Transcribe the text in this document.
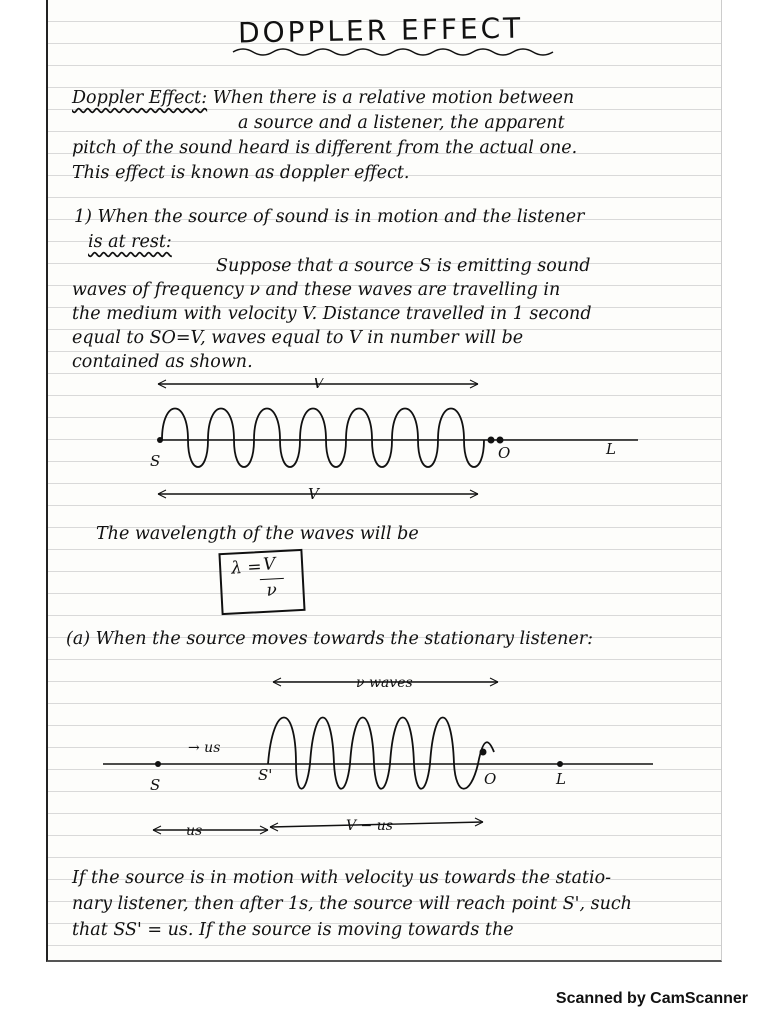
DOPPLER EFFECT
Doppler Effect: When there is a relative motion between
a source and a listener, the apparent
pitch of the sound heard is different from the actual one.
This effect is known as doppler effect.
1) When the source of sound is in motion and the listener
is at rest:
Suppose that a source S is emitting sound
waves of frequency ν and these waves are travelling in
the medium with velocity V. Distance travelled in 1 second
equal to SO=V, waves equal to V in number will be
contained as shown.
V
S	O	L
V
The wavelength of the waves will be
λ = V
ν
(a) When the source moves towards the stationary listener:
ν waves
→ us
S
S'	O	L
us	V − us
If the source is in motion with velocity us towards the statio-
nary listener, then after 1s, the source will reach point S', such
that SS' = us. If the source is moving towards the
Scanned by CamScanner
